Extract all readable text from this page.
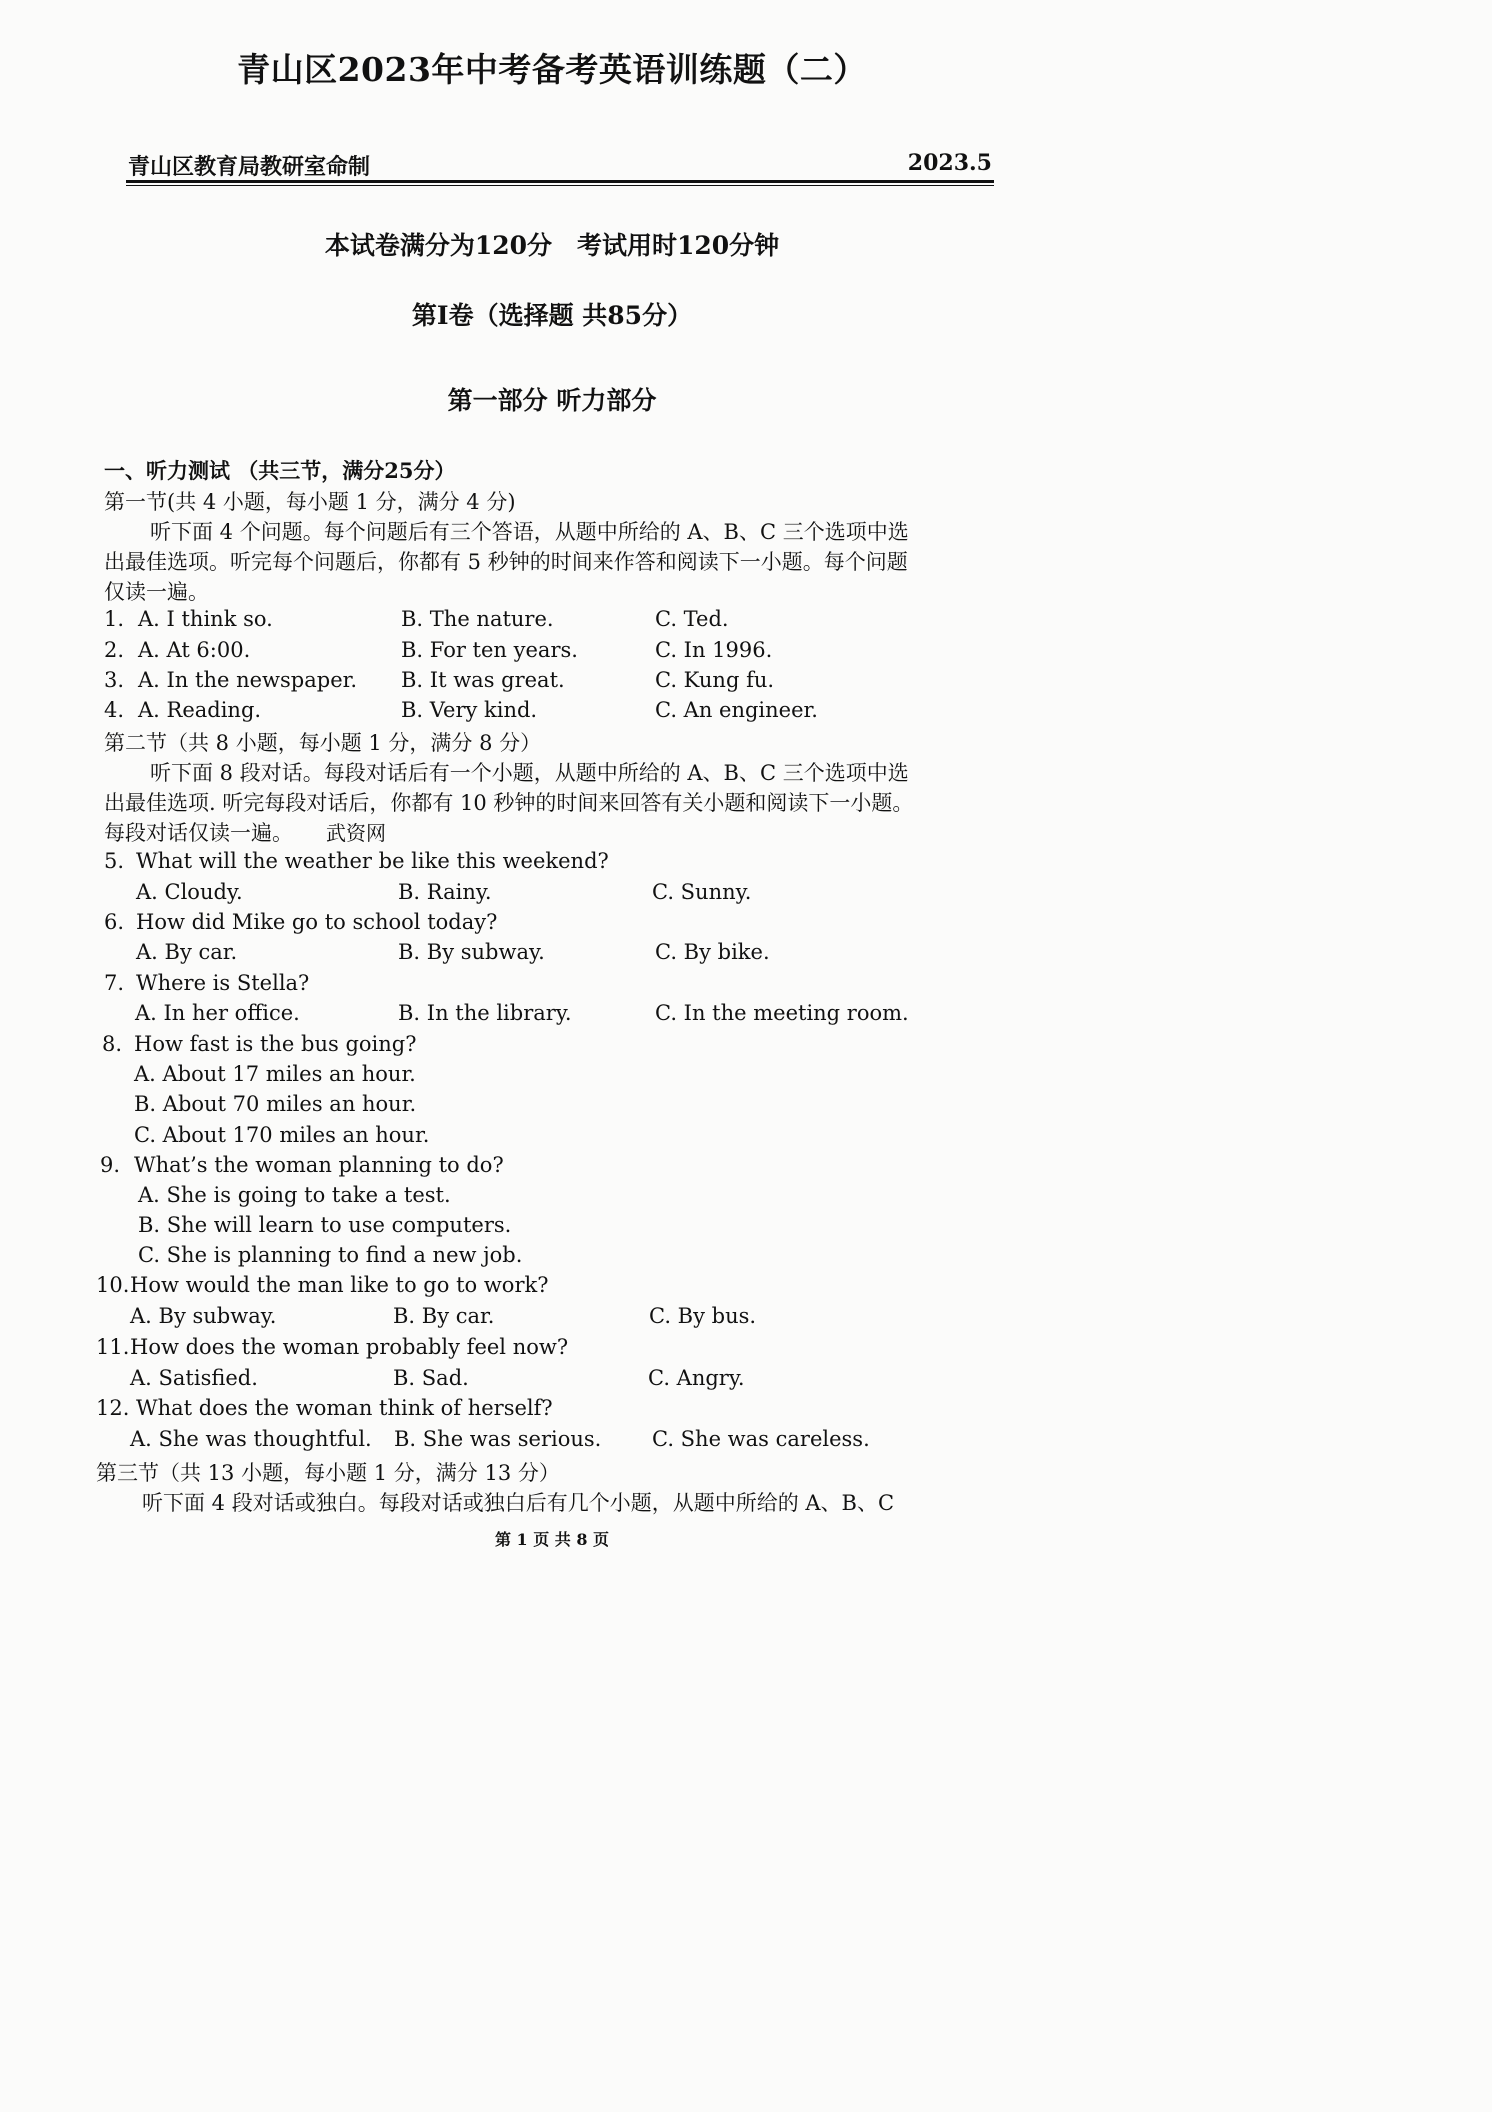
青山区2023年中考备考英语训练题（二）
青山区教育局教研室命制	2023.5
本试卷满分为120分　考试用时120分钟
第I卷（选择题 共85分）
第一部分 听力部分
一、听力测试 （共三节，满分25分）
第一节(共 4 小题，每小题 1 分，满分 4 分)
听下面 4 个问题。每个问题后有三个答语，从题中所给的 A、B、C 三个选项中选
出最佳选项。听完每个问题后，你都有 5 秒钟的时间来作答和阅读下一小题。每个问题
仅读一遍。
1. A. I think so.	B. The nature.	C. Ted.
2. A. At 6:00.	B. For ten years.	C. In 1996.
3. A. In the newspaper. B. It was great.	C. Kung fu.
4. A. Reading.	B. Very kind.	C. An engineer.
第二节（共 8 小题，每小题 1 分，满分 8 分）
听下面 8 段对话。每段对话后有一个小题，从题中所给的 A、B、C 三个选项中选
出最佳选项. 听完每段对话后，你都有 10 秒钟的时间来回答有关小题和阅读下一小题。
每段对话仅读一遍。 武资网
5. What will the weather be like this weekend?
A. Cloudy.	B. Rainy.	C. Sunny.
6. How did Mike go to school today?
A. By car.	B. By subway.	C. By bike.
7. Where is Stella?
A. In her office.	B. In the library.	C. In the meeting room.
8. How fast is the bus going?
A. About 17 miles an hour.
B. About 70 miles an hour.
C. About 170 miles an hour.
9. What’s the woman planning to do?
A. She is going to take a test.
B. She will learn to use computers.
C. She is planning to find a new job.
10. How would the man like to go to work?
A. By subway.	B. By car.	C. By bus.
11. How does the woman probably feel now?
A. Satisfied.	B. Sad.	C. Angry.
12. What does the woman think of herself?
A. She was thoughtful. B. She was serious. C. She was careless.
第三节（共 13 小题，每小题 1 分，满分 13 分）
听下面 4 段对话或独白。每段对话或独白后有几个小题，从题中所给的 A、B、C
第 1 页 共 8 页
